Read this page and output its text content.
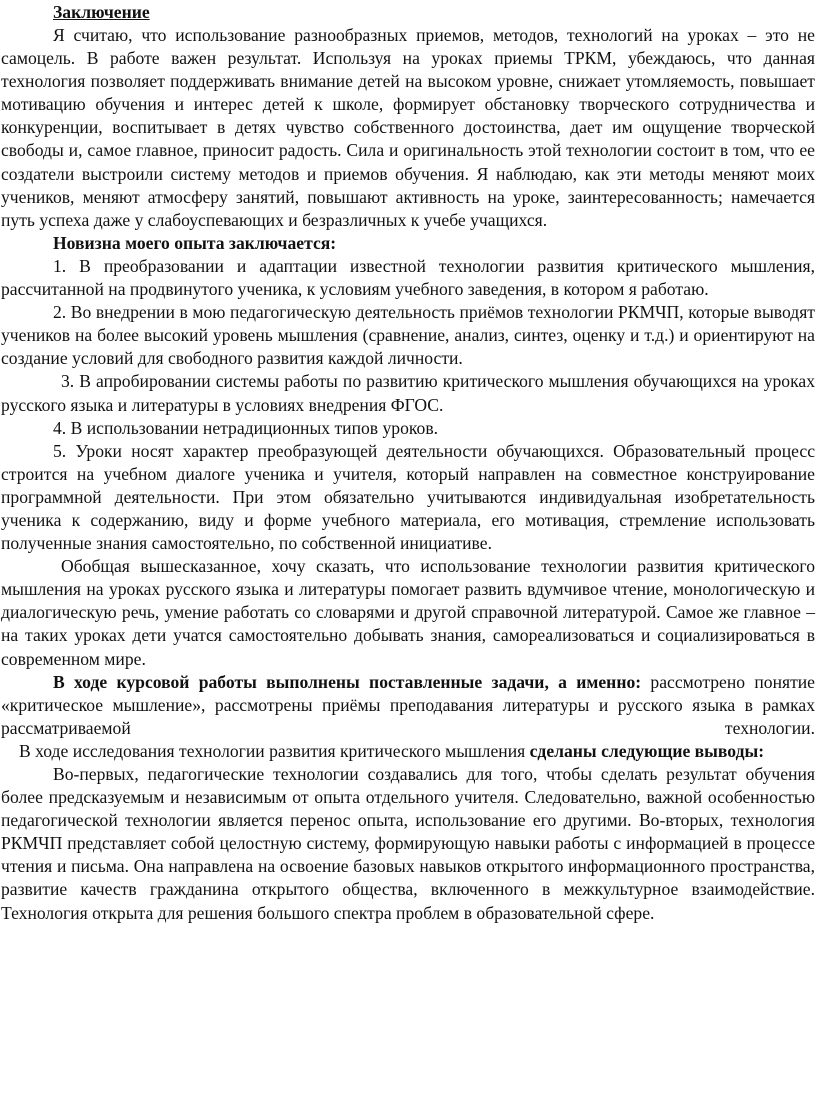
Заключение

Я считаю, что использование разнообразных приемов, методов, технологий на уроках – это не самоцель. В работе важен результат. Используя на уроках приемы ТРКМ, убеждаюсь, что данная технология позволяет поддерживать внимание детей на высоком уровне, снижает утомляемость, повышает мотивацию обучения и интерес детей к школе, формирует обстановку творческого сотрудничества и конкуренции, воспитывает в детях чувство собственного достоинства, дает им ощущение творческой свободы и, самое главное, приносит радость. Сила и оригинальность этой технологии состоит в том, что ее создатели выстроили систему методов и приемов обучения. Я наблюдаю, как эти методы меняют моих учеников, меняют атмосферу занятий, повышают активность на уроке, заинтересованность; намечается путь успеха даже у слабоуспевающих и безразличных к учебе учащихся.

Новизна моего опыта заключается:

1. В преобразовании и адаптации известной технологии развития критического мышления, рассчитанной на продвинутого ученика, к условиям учебного заведения, в котором я работаю.

2. Во внедрении в мою педагогическую деятельность приёмов технологии РКМЧП, которые выводят учеников на более высокий уровень мышления (сравнение, анализ, синтез, оценку и т.д.) и ориентируют на создание условий для свободного развития каждой личности.

3. В апробировании системы работы по развитию критического мышления обучающихся на уроках русского языка и литературы в условиях внедрения ФГОС.

4. В использовании нетрадиционных типов уроков.

5. Уроки носят характер преобразующей деятельности обучающихся. Образовательный процесс строится на учебном диалоге ученика и учителя, который направлен на совместное конструирование программной деятельности. При этом обязательно учитываются индивидуальная изобретательность ученика к содержанию, виду и форме учебного материала, его мотивация, стремление использовать полученные знания самостоятельно, по собственной инициативе.

Обобщая вышесказанное, хочу сказать, что использование технологии развития критического мышления на уроках русского языка и литературы помогает развить вдумчивое чтение, монологическую и диалогическую речь, умение работать со словарями и другой справочной литературой. Самое же главное – на таких уроках дети учатся самостоятельно добывать знания, самореализоваться и социализироваться в современном мире.

В ходе курсовой работы выполнены поставленные задачи, а именно: рассмотрено понятие «критическое мышление», рассмотрены приёмы преподавания литературы и русского языка в рамках рассматриваемой технологии.

В ходе исследования технологии развития критического мышления сделаны следующие выводы:

Во-первых, педагогические технологии создавались для того, чтобы сделать результат обучения более предсказуемым и независимым от опыта отдельного учителя. Следовательно, важной особенностью педагогической технологии является перенос опыта, использование его другими. Во-вторых, технология РКМЧП представляет собой целостную систему, формирующую навыки работы с информацией в процессе чтения и письма. Она направлена на освоение базовых навыков открытого информационного пространства, развитие качеств гражданина открытого общества, включенного в межкультурное взаимодействие. Технология открыта для решения большого спектра проблем в образовательной сфере.
